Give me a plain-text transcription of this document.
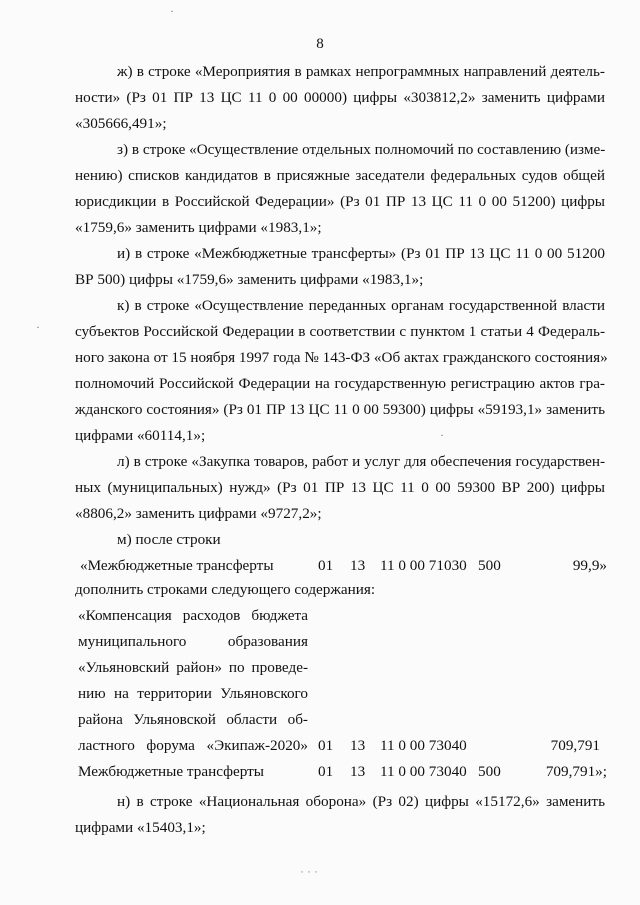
8
ж) в строке «Мероприятия в рамках непрограммных направлений деятель-
ности» (Рз 01 ПР 13 ЦС 11 0 00 00000) цифры «303812,2» заменить цифрами
«305666,491»;
з) в строке «Осуществление отдельных полномочий по составлению (изме-
нению) списков кандидатов в присяжные заседатели федеральных судов общей
юрисдикции в Российской Федерации» (Рз 01 ПР 13 ЦС 11 0 00 51200) цифры
«1759,6» заменить цифрами «1983,1»;
и) в строке «Межбюджетные трансферты» (Рз 01 ПР 13 ЦС 11 0 00 51200
ВР 500) цифры «1759,6» заменить цифрами «1983,1»;
к) в строке «Осуществление переданных органам государственной власти
субъектов Российской Федерации в соответствии с пунктом 1 статьи 4 Федераль-
ного закона от 15 ноября 1997 года № 143-ФЗ «Об актах гражданского состояния»
полномочий Российской Федерации на государственную регистрацию актов гра-
жданского состояния» (Рз 01 ПР 13 ЦС 11 0 00 59300) цифры «59193,1» заменить
цифрами «60114,1»;
л) в строке «Закупка товаров, работ и услуг для обеспечения государствен-
ных (муниципальных) нужд» (Рз 01 ПР 13 ЦС 11 0 00 59300 ВР 200) цифры
«8806,2» заменить цифрами «9727,2»;
м) после строки
«Межбюджетные трансферты	01 13 11 0 00 71030 500	99,9»
дополнить строками следующего содержания:
«Компенсация расходов бюджета
муниципального образования
«Ульяновский район» по проведе-
нию на территории Ульяновского
района Ульяновской области об-
ластного форума «Экипаж-2020» 01 13 11 0 00 73040	709,791
Межбюджетные трансферты	01 13 11 0 00 73040 500	709,791»;
н) в строке «Национальная оборона» (Рз 02) цифры «15172,6» заменить
цифрами «15403,1»;
·
·
·
˙˙˙
